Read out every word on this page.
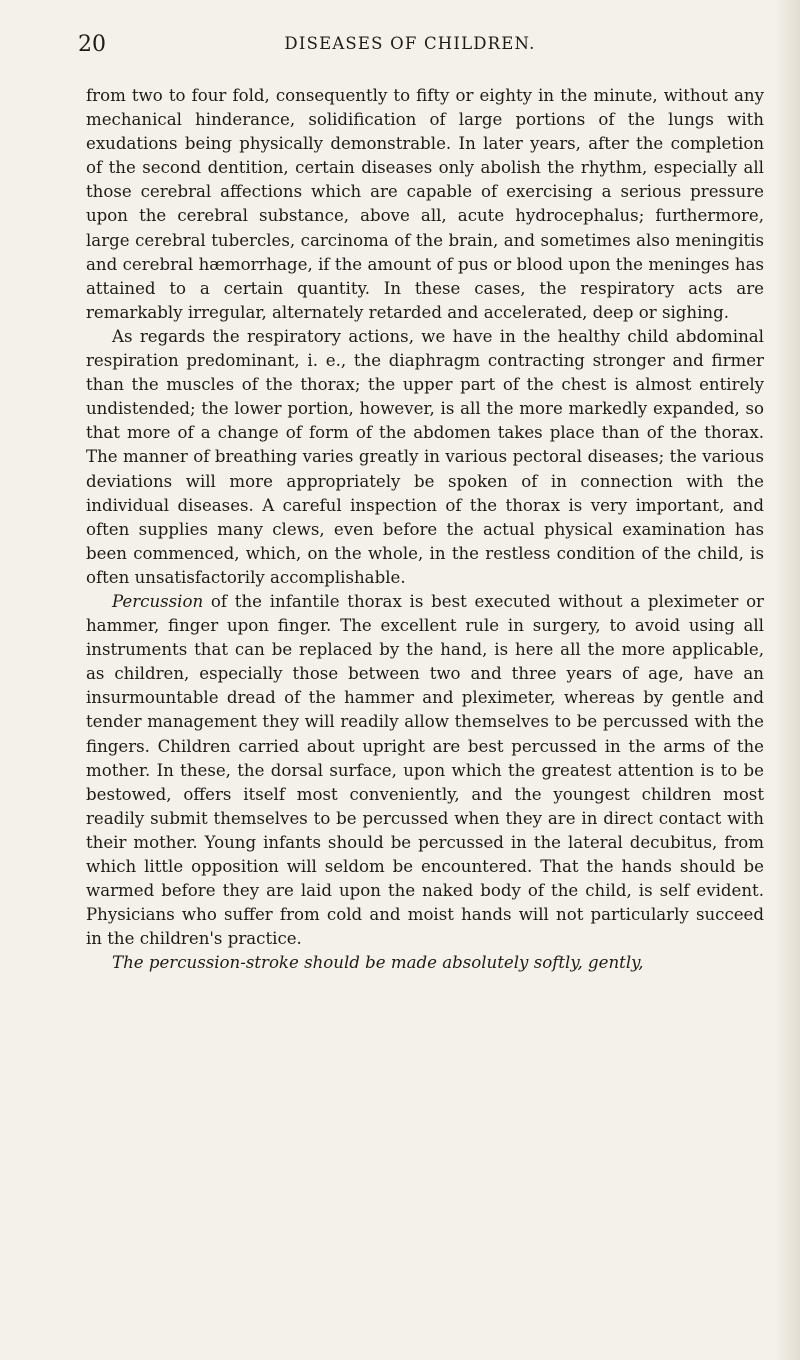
20	DISEASES OF CHILDREN.

from two to four fold, consequently to fifty or eighty in the minute, without any mechanical hinderance, solidification of large portions of the lungs with exudations being physically demonstrable. In later years, after the completion of the second dentition, certain diseases only abolish the rhythm, especially all those cerebral affections which are capable of exercising a serious pressure upon the cerebral substance, above all, acute hydrocephalus; furthermore, large cerebral tubercles, carcinoma of the brain, and sometimes also meningitis and cerebral hæmorrhage, if the amount of pus or blood upon the meninges has attained to a certain quantity. In these cases, the respiratory acts are remarkably irregular, alternately retarded and accelerated, deep or sighing.

As regards the respiratory actions, we have in the healthy child abdominal respiration predominant, i. e., the diaphragm contracting stronger and firmer than the muscles of the thorax; the upper part of the chest is almost entirely undistended; the lower portion, however, is all the more markedly expanded, so that more of a change of form of the abdomen takes place than of the thorax. The manner of breathing varies greatly in various pectoral diseases; the various deviations will more appropriately be spoken of in connection with the individual diseases. A careful inspection of the thorax is very important, and often supplies many clews, even before the actual physical examination has been commenced, which, on the whole, in the restless condition of the child, is often unsatisfactorily accomplishable.

Percussion of the infantile thorax is best executed without a pleximeter or hammer, finger upon finger. The excellent rule in surgery, to avoid using all instruments that can be replaced by the hand, is here all the more applicable, as children, especially those between two and three years of age, have an insurmountable dread of the hammer and pleximeter, whereas by gentle and tender management they will readily allow themselves to be percussed with the fingers. Children carried about upright are best percussed in the arms of the mother. In these, the dorsal surface, upon which the greatest attention is to be bestowed, offers itself most conveniently, and the youngest children most readily submit themselves to be percussed when they are in direct contact with their mother. Young infants should be percussed in the lateral decubitus, from which little opposition will seldom be encountered. That the hands should be warmed before they are laid upon the naked body of the child, is self evident. Physicians who suffer from cold and moist hands will not particularly succeed in the children's practice.

The percussion-stroke should be made absolutely softly, gently,
